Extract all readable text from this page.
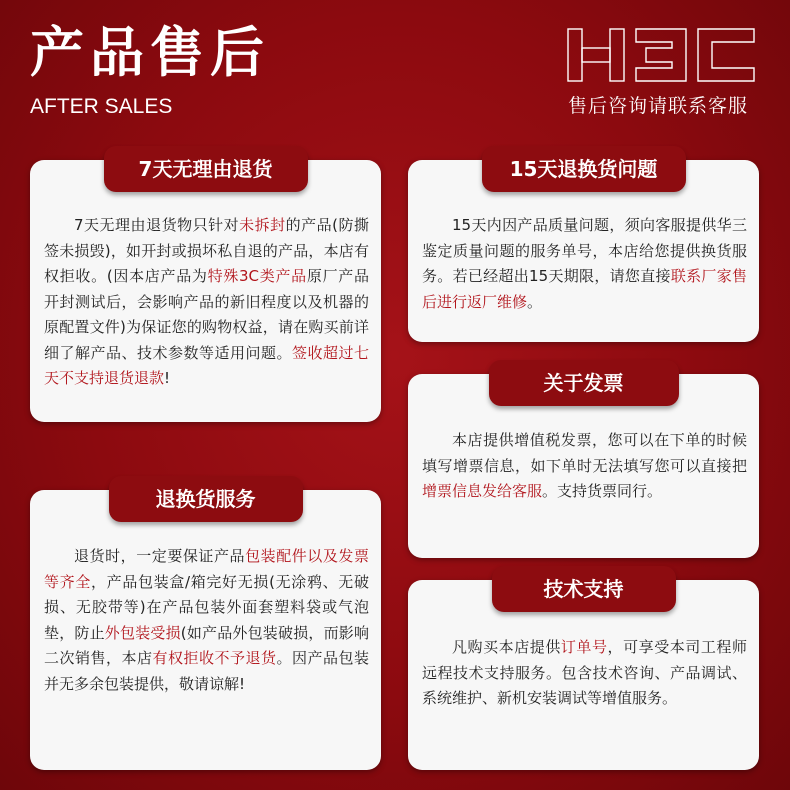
产品售后
AFTER SALES	售后咨询请联系客服
7天无理由退货
7天无理由退货物只针对未拆封的产品(防撕签未损毁)，如开封或损坏私自退的产品，本店有权拒收。(因本店产品为特殊3C类产品原厂产品开封测试后，会影响产品的新旧程度以及机器的原配置文件)为保证您的购物权益，请在购买前详细了解产品、技术参数等适用问题。签收超过七天不支持退货退款!
退换货服务
退货时，一定要保证产品包装配件以及发票等齐全，产品包装盒/箱完好无损(无涂鸦、无破损、无胶带等)在产品包装外面套塑料袋或气泡垫，防止外包装受损(如产品外包装破损，而影响二次销售，本店有权拒收不予退货。因产品包装并无多余包装提供，敬请谅解!
15天退换货问题
15天内因产品质量问题，须向客服提供华三鉴定质量问题的服务单号，本店给您提供换货服务。若已经超出15天期限，请您直接联系厂家售后进行返厂维修。
关于发票
本店提供增值税发票，您可以在下单的时候填写增票信息，如下单时无法填写您可以直接把增票信息发给客服。支持货票同行。
技术支持
凡购买本店提供订单号，可享受本司工程师远程技术支持服务。包含技术咨询、产品调试、系统维护、新机安装调试等增值服务。
